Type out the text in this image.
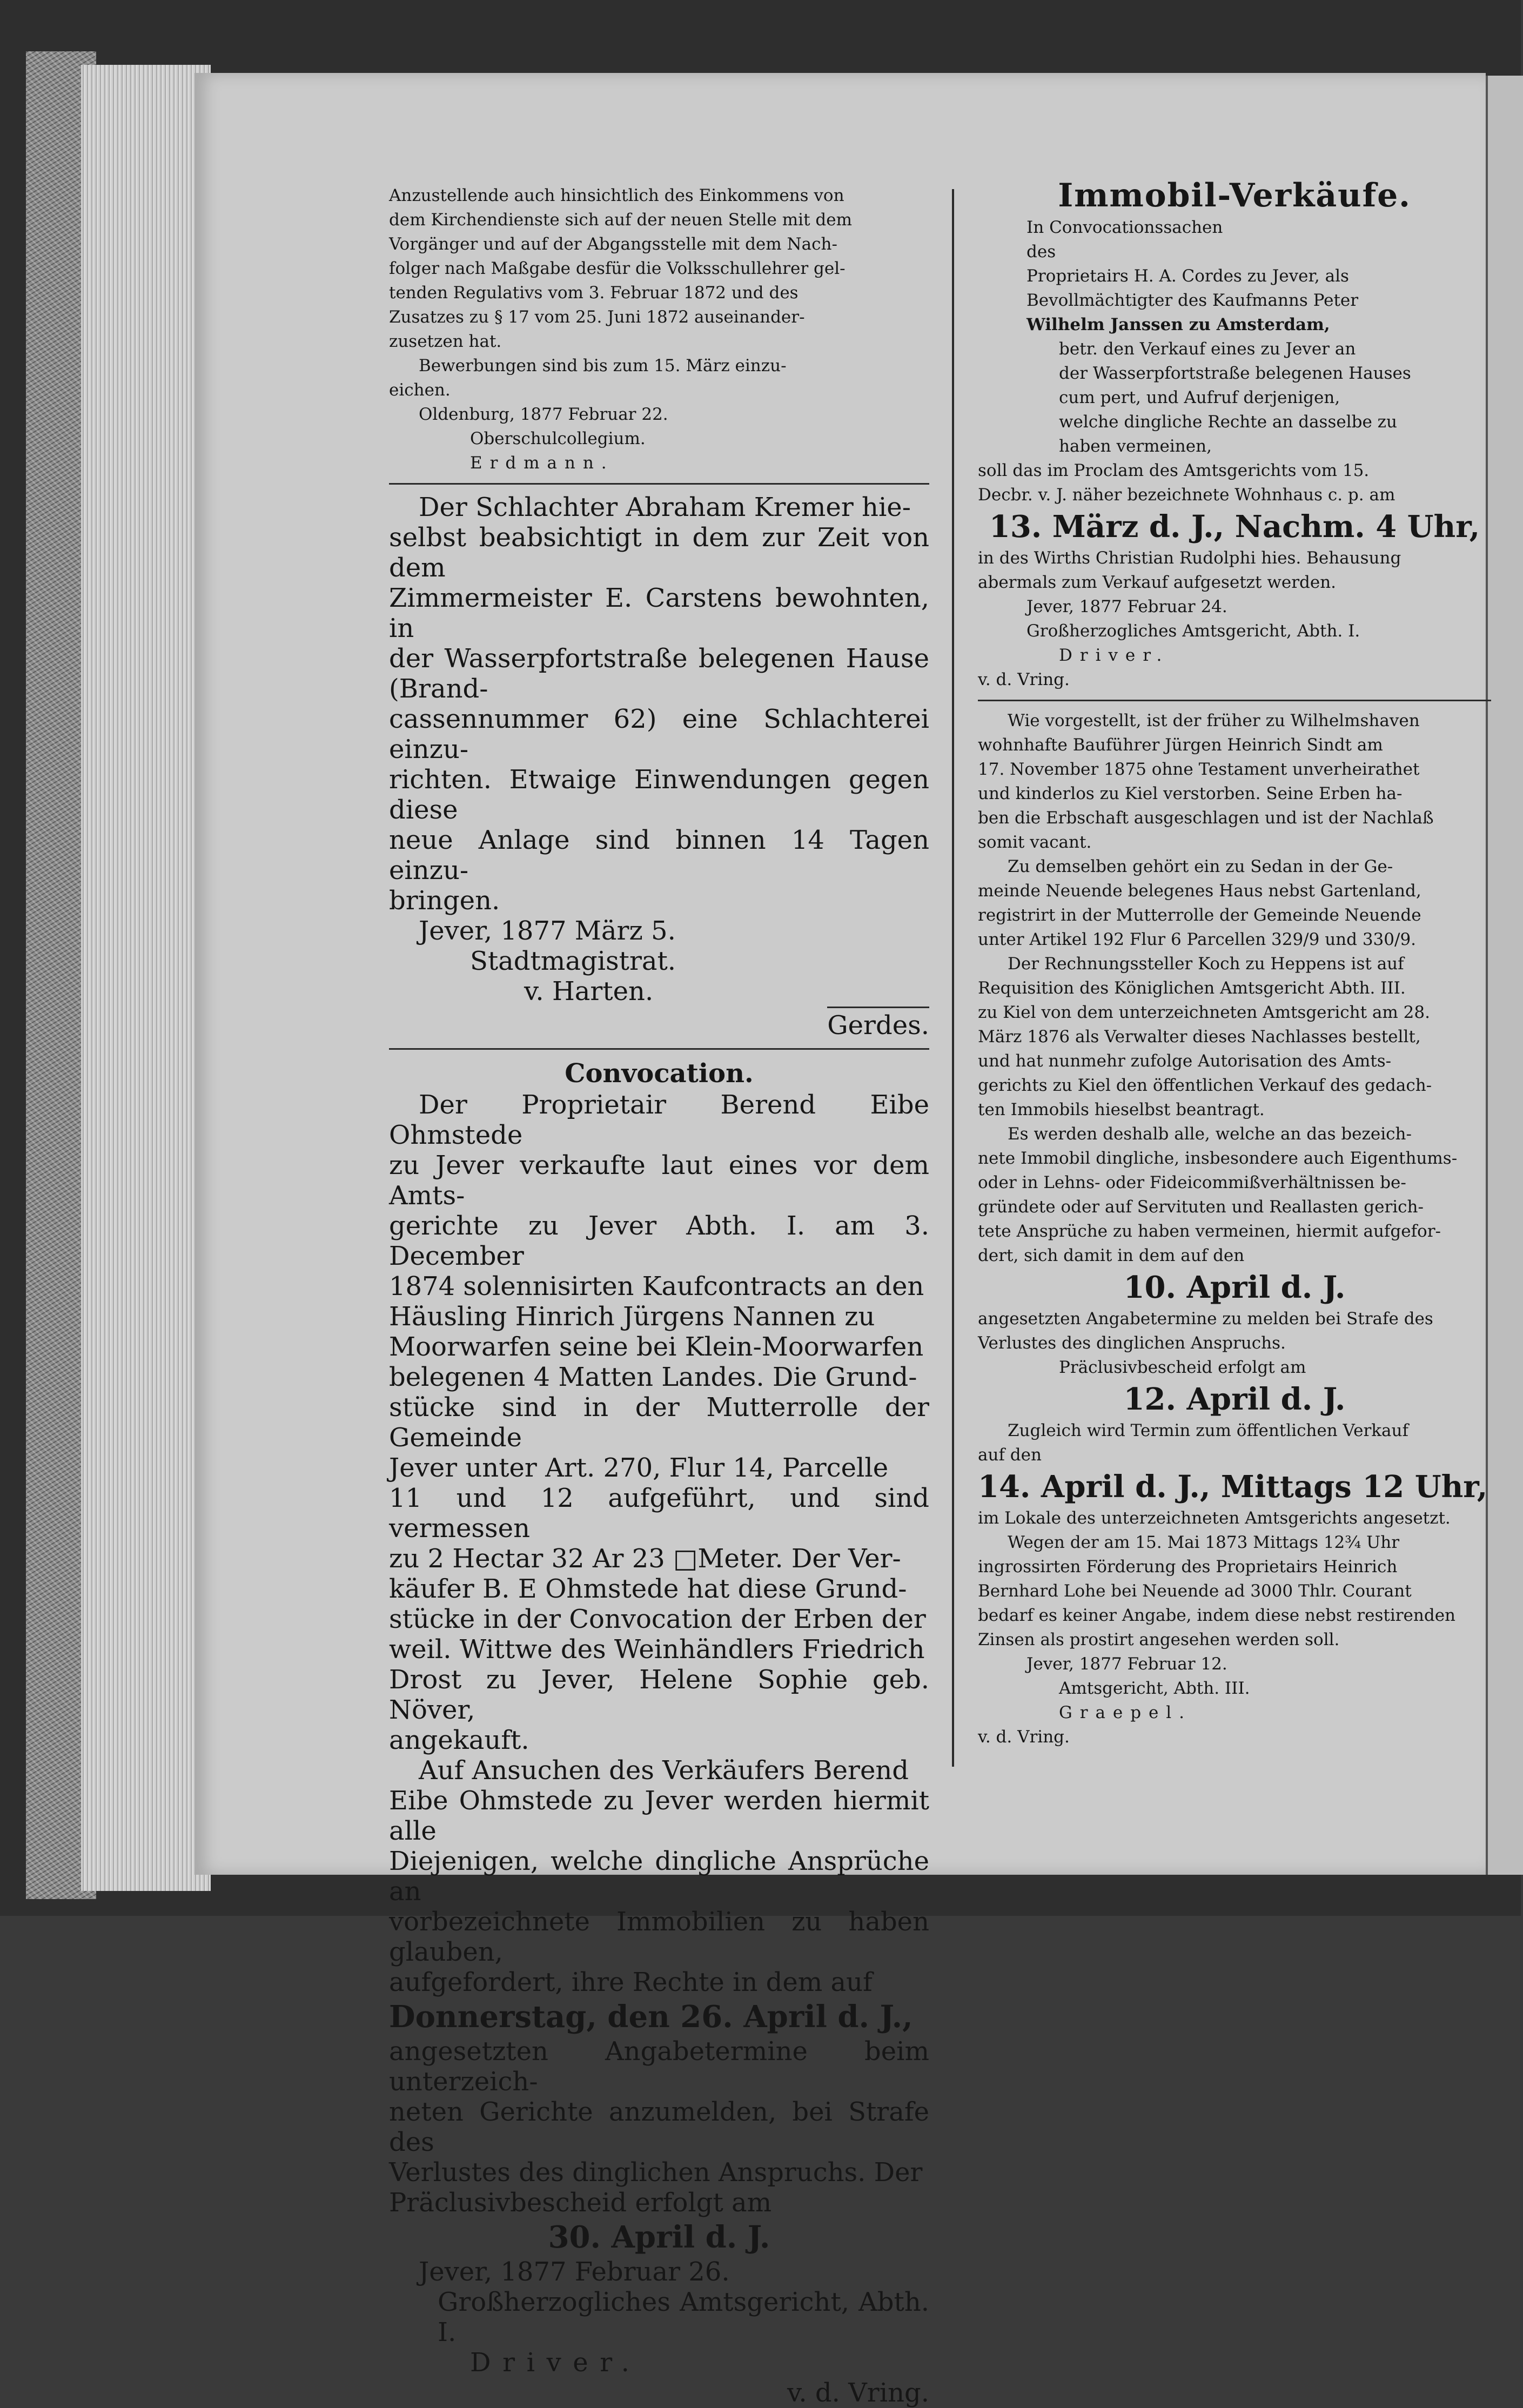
Anzustellende auch hinsichtlich des Einkommens von

dem Kirchendienste sich auf der neuen Stelle mit dem

Vorgänger und auf der Abgangsstelle mit dem Nach-

folger nach Maßgabe desfür die Volksschullehrer gel-

tenden Regulativs vom 3. Februar 1872 und des

Zusatzes zu § 17 vom 25. Juni 1872 auseinander-

zusetzen hat.

Bewerbungen sind bis zum 15. März einzu-

eichen.

Oldenburg, 1877 Februar 22.

Oberschulcollegium.

Erdmann.

Der Schlachter Abraham Kremer hie-

selbst beabsichtigt in dem zur Zeit von dem

Zimmermeister E. Carstens bewohnten, in

der Wasserpfortstraße belegenen Hause (Brand-

cassennummer 62) eine Schlachterei einzu-

richten. Etwaige Einwendungen gegen diese

neue Anlage sind binnen 14 Tagen einzu-

bringen.

Jever, 1877 März 5.

Stadtmagistrat.

v. Harten.

Gerdes.

Convocation.

Der Proprietair Berend Eibe Ohmstede

zu Jever verkaufte laut eines vor dem Amts-

gerichte zu Jever Abth. I. am 3. December

1874 solennisirten Kaufcontracts an den

Häusling Hinrich Jürgens Nannen zu

Moorwarfen seine bei Klein-Moorwarfen

belegenen 4 Matten Landes. Die Grund-

stücke sind in der Mutterrolle der Gemeinde

Jever unter Art. 270, Flur 14, Parcelle

11 und 12 aufgeführt, und sind vermessen

zu 2 Hectar 32 Ar 23 □Meter. Der Ver-

käufer B. E Ohmstede hat diese Grund-

stücke in der Convocation der Erben der

weil. Wittwe des Weinhändlers Friedrich

Drost zu Jever, Helene Sophie geb. Növer,

angekauft.

Auf Ansuchen des Verkäufers Berend

Eibe Ohmstede zu Jever werden hiermit alle

Diejenigen, welche dingliche Ansprüche an

vorbezeichnete Immobilien zu haben glauben,

aufgefordert, ihre Rechte in dem auf

Donnerstag, den 26. April d. J.,

angesetzten Angabetermine beim unterzeich-

neten Gerichte anzumelden, bei Strafe des

Verlustes des dinglichen Anspruchs. Der

Präclusivbescheid erfolgt am

30. April d. J.

Jever, 1877 Februar 26.

Großherzogliches Amtsgericht, Abth. I.

Driver.

v. d. Vring.

Immobil-Verkäufe.

In Convocationssachen

des

Proprietairs H. A. Cordes zu Jever, als

Bevollmächtigter des Kaufmanns Peter

Wilhelm Janssen zu Amsterdam,

betr. den Verkauf eines zu Jever an

der Wasserpfortstraße belegenen Hauses

cum pert, und Aufruf derjenigen,

welche dingliche Rechte an dasselbe zu

haben vermeinen,

soll das im Proclam des Amtsgerichts vom 15.

Decbr. v. J. näher bezeichnete Wohnhaus c. p. am

13. März d. J., Nachm. 4 Uhr,

in des Wirths Christian Rudolphi hies. Behausung

abermals zum Verkauf aufgesetzt werden.

Jever, 1877 Februar 24.

Großherzogliches Amtsgericht, Abth. I.

Driver.

v. d. Vring.

Wie vorgestellt, ist der früher zu Wilhelmshaven

wohnhafte Bauführer Jürgen Heinrich Sindt am

17. November 1875 ohne Testament unverheirathet

und kinderlos zu Kiel verstorben. Seine Erben ha-

ben die Erbschaft ausgeschlagen und ist der Nachlaß

somit vacant.

Zu demselben gehört ein zu Sedan in der Ge-

meinde Neuende belegenes Haus nebst Gartenland,

registrirt in der Mutterrolle der Gemeinde Neuende

unter Artikel 192 Flur 6 Parcellen 329/9 und 330/9.

Der Rechnungssteller Koch zu Heppens ist auf

Requisition des Königlichen Amtsgericht Abth. III.

zu Kiel von dem unterzeichneten Amtsgericht am 28.

März 1876 als Verwalter dieses Nachlasses bestellt,

und hat nunmehr zufolge Autorisation des Amts-

gerichts zu Kiel den öffentlichen Verkauf des gedach-

ten Immobils hieselbst beantragt.

Es werden deshalb alle, welche an das bezeich-

nete Immobil dingliche, insbesondere auch Eigenthums-

oder in Lehns- oder Fideicommißverhältnissen be-

gründete oder auf Servituten und Reallasten gerich-

tete Ansprüche zu haben vermeinen, hiermit aufgefor-

dert, sich damit in dem auf den

10. April d. J.

angesetzten Angabetermine zu melden bei Strafe des

Verlustes des dinglichen Anspruchs.

Präclusivbescheid erfolgt am

12. April d. J.

Zugleich wird Termin zum öffentlichen Verkauf

auf den

14. April d. J., Mittags 12 Uhr,

im Lokale des unterzeichneten Amtsgerichts angesetzt.

Wegen der am 15. Mai 1873 Mittags 12¾ Uhr

ingrossirten Förderung des Proprietairs Heinrich

Bernhard Lohe bei Neuende ad 3000 Thlr. Courant

bedarf es keiner Angabe, indem diese nebst restirenden

Zinsen als prostirt angesehen werden soll.

Jever, 1877 Februar 12.

Amtsgericht, Abth. III.

Graepel.

v. d. Vring.
